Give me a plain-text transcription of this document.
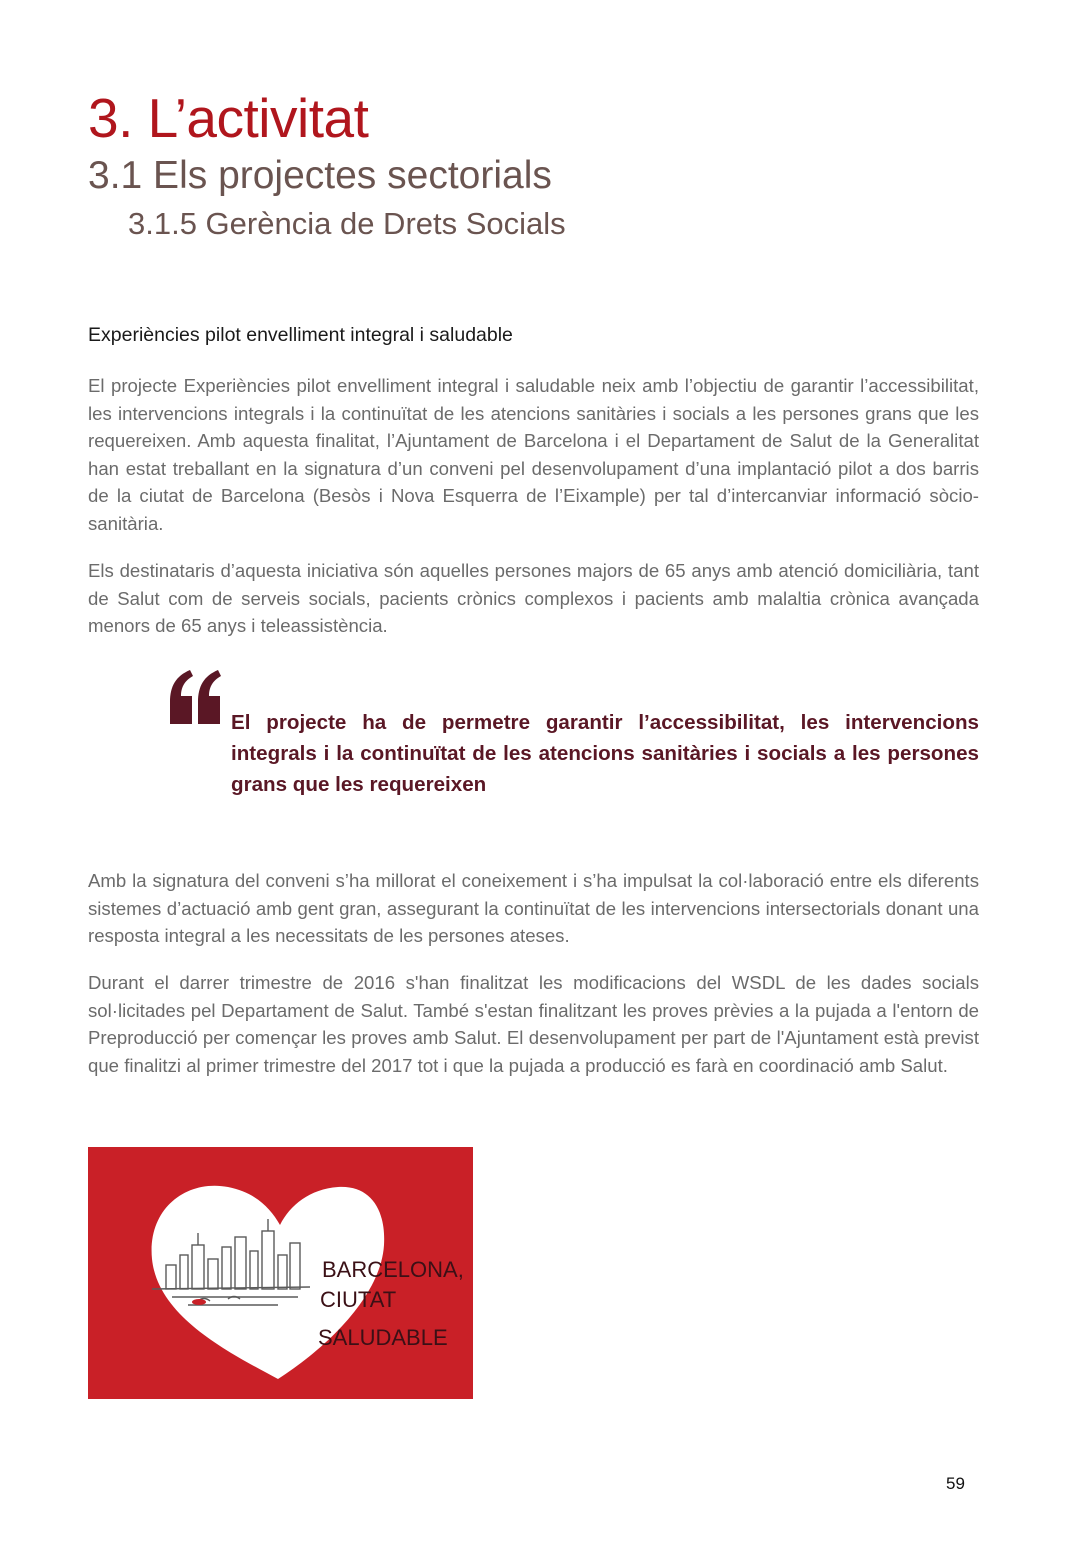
3. L’activitat
3.1 Els projectes sectorials
3.1.5 Gerència de Drets Socials
Experiències pilot envelliment integral i saludable

El projecte Experiències pilot envelliment integral i saludable neix amb l’objectiu de garantir l’accessibilitat, les intervencions integrals i la continuïtat de les atencions sanitàries i socials a les persones grans que les requereixen. Amb aquesta finalitat, l’Ajuntament de Barcelona i el Departament de Salut de la Generalitat han estat treballant en la signatura d’un conveni pel desenvolupament d’una implantació pilot a dos barris de la ciutat de Barcelona (Besòs i Nova Esquerra de l’Eixample) per tal d’intercanviar informació sòcio-sanitària.

Els destinataris d’aquesta iniciativa són aquelles persones majors de 65 anys amb atenció domiciliària, tant de Salut com de serveis socials, pacients crònics complexos i pacients amb malaltia crònica avançada menors de 65 anys i teleassistència.

El projecte ha de permetre garantir l’accessibilitat, les intervencions integrals i la continuïtat de les atencions sanitàries i socials a les persones grans que les requereixen

Amb la signatura del conveni s’ha millorat el coneixement i s’ha impulsat la col·laboració entre els diferents sistemes d’actuació amb gent gran, assegurant la continuïtat de les intervencions intersectorials donant una resposta integral a les necessitats de les persones ateses.

Durant el darrer trimestre de 2016 s'han finalitzat les modificacions del WSDL de les dades socials sol·licitades pel Departament de Salut. També s'estan finalitzant les proves prèvies a la pujada a l'entorn de Preproducció per començar les proves amb Salut. El desenvolupament per part de l'Ajuntament està previst que finalitzi al primer trimestre del 2017 tot i que la pujada a producció es farà en coordinació amb Salut.

BARCELONA,
CIUTAT
SALUDABLE
59
